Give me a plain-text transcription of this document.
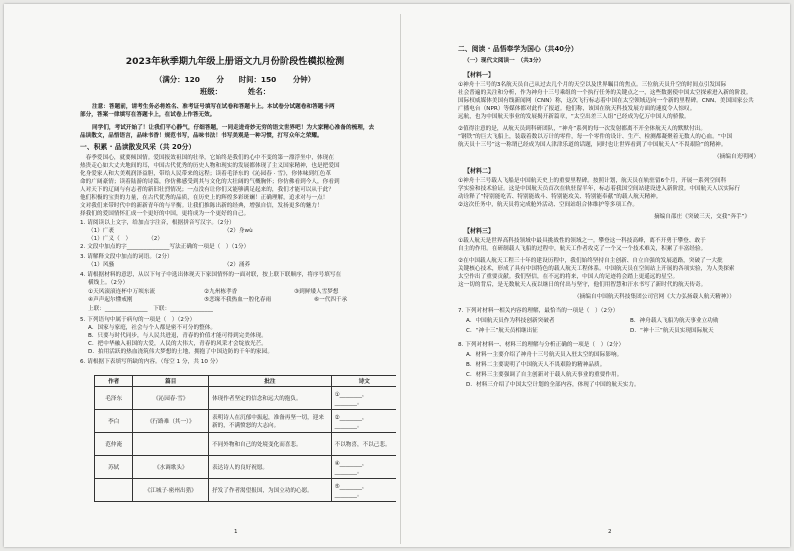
2023年秋季期九年级上册语文九月份阶段性模拟检测
（满分：120 分　　时间：150 分钟）
班级：　　　　姓名：
注意：答题前，请考生务必将姓名、准考证号填写在试卷和答题卡上。本试卷分试题卷和答题卡两
部分，答案一律填写在答题卡上，在试卷上作答无效。
同学们，考试开始了！让我们平心静气，仔细答题，一同走进奇妙无穷的语文世界吧！为大家精心准备的梳理，去
品读散文，品悟语言，品味书香！规范书写，品味书法！书写美观是一种习惯，打写众年之荣耀。
一、积累 · 品读散发风采（共 20分）
　春季爱国心，就要倾国情。爱国报效祖国的壮举，它始终是我们的心中不变的第一漂浮坐中，体现在
热贵走心如大丈夫地间的耳，中国古代优秀的历史人物和现实的发展都体现了主义国家精神，也是把爱国
化身爱家人和大美观润泽益胆，带给人民带来的远程；读着毛泽东的《沁园春 · 雪》，你体味到红色革
命的广阔豪情；读着陆游的诗篇，你仿佛感受到其与文化的大壮阔的气概胸怀；你仿佛看到今人，你看到
人对天下的辽阔与有志者的新旧壮烈情况；一点没有让你们又能够满足起来的，我们才能可以从于此？
他们积极的宝贵的力量，在古代优秀的品质，在历史上的辉煌多彩斑斓！正确理解，追求对与一点！
文对我们来带时代中的新新青年的与平衡。让我们推陈出新的经典，增强自信，发扬更多的魅力！
择我们的爱国情怀汇成一个更好的中国，更将成为一个更好的自己。
1. 请阅读以上文字，给加点字注音，根据拼音写汉字。（2分）
（1）广袤	（2）身wù
（1）广义（　）　　　　（2）
2. 文段中加点的字_______________写法正确的一项是（　）（1分）
3. 请解释文段中加点的词语。（2分）
（1）风骚	（2）涌养
4. 请根据材料的意思，从以下句子中选出体现天下家国情怀的一面对联，按上联下联顺序，将序号填写在
横线上。（2分）
①天风滚滚连杯中万顷东流	②九州栋孝香	③到鲜矮人雪梦想
④声声起尔懂戒刚	⑤恋缘不我热血一腔化春雨	⑥一代四千承
上联：_______________　下联：_______________
5. 下列语句中属于病句的一项是（　）（2分）
A．国家与家庭，社会与个人都是密不可分的整体。
B．只要与时代同步，与人民共进退，青春的价值才能可得到完美体现。
C．把中华融入祖国的大爱，人民的大伟大，青春的风采才会绽放光芒。
D．拍用活跃的热血浇筑伟大梦想的土地，拥抱了中国边防的千年的家园。
6. 请根据下表填写所缺的内容。（每空 1 分，共 10 分）
作者	篇目	批注	诗文
毛泽东	《沁园春·雪》	体现作者坚定的信念和远大的抱负。	①________，________。
李白	《行路难（其一）》	表明诗人在沉郁中振起，准备再坚一切，迎来新的，不满愤怒的大志向。	②________，________。
范仲淹		不同外物和自己的处境变化而喜悲。	不以物喜，不以己悲。
苏轼	《水调歌头》	表达诗人的良好祝愿。	④________，________。
	《江城子·密州出猎》	抒发了作者渴望报国，为国立功的心愿。	⑤________，________。
1
二、阅读 · 品悟奉学为国心（共40分）
（一）现代文阅读一　（共3分）
【材料一】
①神舟十三号的3名航天员自己从过去几个月的天空以及世界瞩目的焦点。三位航天员升空的时间点引发国际
社会普遍的关注和分析，作为神舟十三号乘组的一个执行任务的关键点之一，这些数据使中国太空探索进入新的阶段。
国际权威媒体美国有线新闻网（CNN）称，这次飞行标志着中国在太空领域迈向一个新的里程碑。CNN、美国国家公共
广播电台（NPR）等媒体都对此作了报道。他们称，该国在航天科技发展方面的速度令人惊叹。
远航，也为中国航天事业的发展揭开新篇章，“太空出差三人组”已经成为亿万中国人的骄傲。
②值得注意的是，从航天员到科研团队，“神舟”系列的每一次发射都离不开全体航天人的默默付出。
“钢铁”的巨大飞船上，装载着数以万计的零件，每一个零件的设计、生产、检测都凝聚着无数人的心血。“中国
航天员十三号”这一称谓已经成为国人津津乐道的话题，同时也让世界看到了中国航天人“不畏艰险”的精神。
（摘编自光明网）
【材料二】
①神舟十三号载人飞船是中国航天史上的重要里程碑。按照计划，航天员在轨驻留6个月，开展一系列空间科
学实验和技术验证。这是中国航天员首次在轨驻留半年，标志着我国空间站建设进入新阶段。中国航天人以实际行
动诠释了“特别能吃苦、特别能战斗、特别能攻关、特别能奉献”的载人航天精神。
②这次任务中，航天员将完成舱外活动、空间站组合体维护等多项工作。
摘编自邵庄《突破三天，交我“奔手”》
【材料三】
①载人航天是世界高科技领域中最具挑战性的领域之一。攀登这一科技高峰，离不开勇于攀登、敢于
自主的作用。在研制载人飞船的过程中，航天工作者攻克了一个又一个技术难关，积累了丰富经验。
②在中国载人航天工程三十年的建设历程中，我们始终坚持自主创新、自立自强的发展道路，突破了一大批
关键核心技术，形成了具有中国特色的载人航天工程体系。中国航天员在空间站上开展的各项实验，为人类探索
太空作出了重要贡献。我们坚信，在不远的将来，中国人的足迹将会踏上更遥远的星空。
这一切的背后，是无数航天人夜以继日的付出与坚守，他们用智慧和汗水书写了新时代的航天传奇。
（摘编自中国航天科技集团公司官网《大力弘扬载人航天精神》）
7. 下列对材料一相关内容的理解，最恰当的一项是（　）（2分）
A．中国航天员作为科技创新突破者	B．神舟载人飞船为航天事业立功勋
C．“神十三”航天员相继出征	D．“神十三”航天员实现国际航天
8. 下列对材料一、材料三的理解与分析正确的一项是（　）（2分）
A．材料一主要介绍了神舟十三号航天员入驻太空的国际影响。
B．材料二主要说明了中国航天人不畏艰险的精神品质。
C．材料三主要强调了自主创新对于载人航天事业的重要作用。
D．材料三介绍了中国太空计划的全部内容，体现了中国的航天实力。
2
